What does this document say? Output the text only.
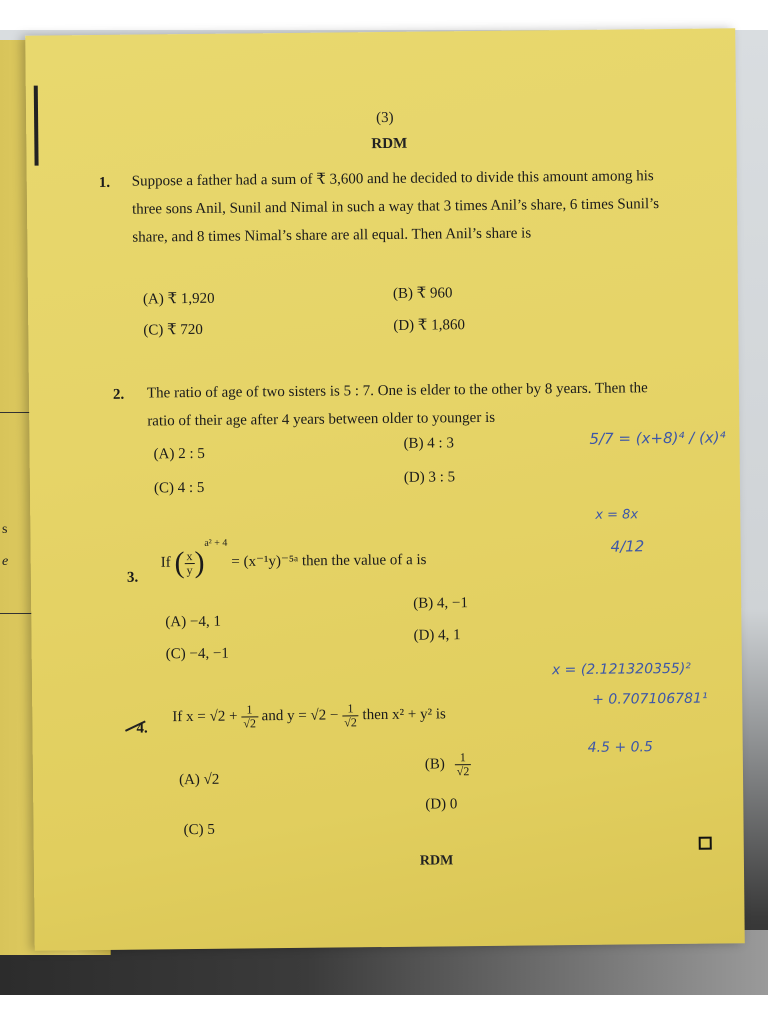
s
e
(3)
RDM
1. Suppose a father had a sum of ₹ 3,600 and he decided to divide this amount among his three sons Anil, Sunil and Nimal in such a way that 3 times Anil’s share, 6 times Sunil’s share, and 8 times Nimal’s share are all equal. Then Anil’s share is
(A) ₹ 1,920	(B) ₹ 960
(C) ₹ 720	(D) ₹ 1,860
2. The ratio of age of two sisters is 5 : 7. One is elder to the other by 8 years. Then the ratio of their age after 4 years between older to younger is
(A) 2 : 5
(B) 4 : 3
(C) 4 : 5
(D) 3 : 5
3.
If ( $\frac{x}{y} )^{a^2 + 4}$ = (x⁻¹y)⁻⁵ᵃ then the value of a is
(A) −4, 1
(B) 4, −1
(C) −4, −1
(D) 4, 1
4.
If $x = √2 + \frac{1}{√2}$ and $y = √2 - \frac{1}{√2}$ then x² + y² is
(A) √2
$(B) \frac{1}{√2}$
(C) 5
(D) 0
5/7 = (x+8)⁴ / (x)⁴
x = 8x
4/12
x = (2.121320355)²
+ 0.707106781¹
4.5 + 0.5
RDM
